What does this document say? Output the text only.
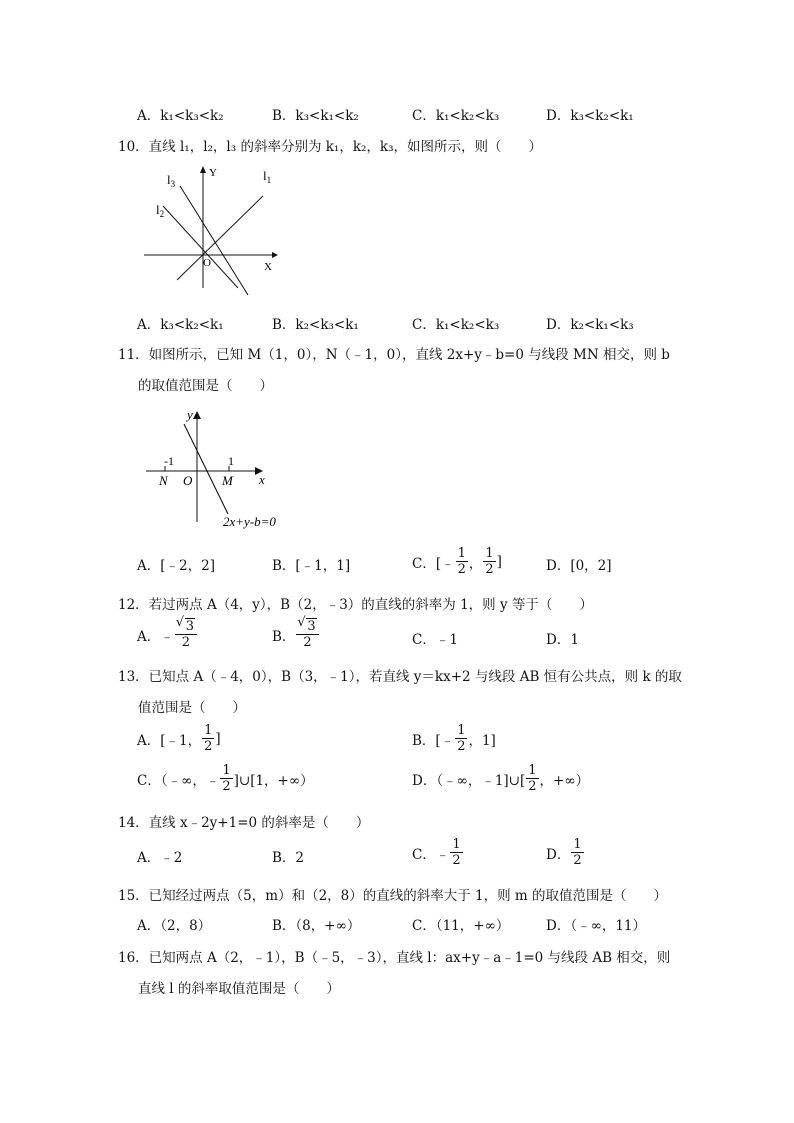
A．k₁<k₃<k₂	B．k₃<k₁<k₂	C．k₁<k₂<k₃	D．k₃<k₂<k₁
10．直线 l₁，l₂，l₃ 的斜率分别为 k₁，k₂，k₃，如图所示，则（　　）
$l_3$
$l_2$
$l_1$
Y
X
O
A．k₃<k₂<k₁	B．k₂<k₃<k₁	C．k₁<k₂<k₃	D．k₂<k₁<k₃
11．如图所示，已知 M（1，0），N（﹣1，0），直线 2x+y﹣b=0 与线段 MN 相交，则 b
的取值范围是（　　）
y
x
-1	1
N O M
2x+y-b=0
A．[﹣2，2]	B．[﹣1，1]	C．[﹣ $\frac{1}{2}$ ， $\frac{1}{2}$ ]	D．[0，2]
12．若过两点 A（4，y），B（2，﹣3）的直线的斜率为 1，则 y 等于（　　）
A．﹣ √ $\frac{3}{2}$	B． √ $\frac{3}{2}$	C．﹣1	D．1
13．已知点 A（﹣4，0），B（3，﹣1），若直线 y＝kx+2 与线段 AB 恒有公共点，则 k 的取
值范围是（　　）
A．[﹣1， $\frac{1}{2}$ ]	B．[﹣ $\frac{1}{2}$ ，1]
C．（﹣∞，﹣ $\frac{1}{2}$ ]∪[1，+∞）	D．（﹣∞，﹣1]∪[ $\frac{1}{2}$ ，+∞）
14．直线 x﹣2y+1=0 的斜率是（　　）
A．﹣2	B．2	C．﹣ $\frac{1}{2}$	D． $\frac{1}{2}$
15．已知经过两点（5，m）和（2，8）的直线的斜率大于 1，则 m 的取值范围是（　　）
A．（2，8）	B．（8，+∞）	C．（11，+∞）	D．（﹣∞，11）
16．已知两点 A（2，﹣1），B（﹣5，﹣3），直线 l：ax+y﹣a﹣1=0 与线段 AB 相交，则
直线 l 的斜率取值范围是（　　）
